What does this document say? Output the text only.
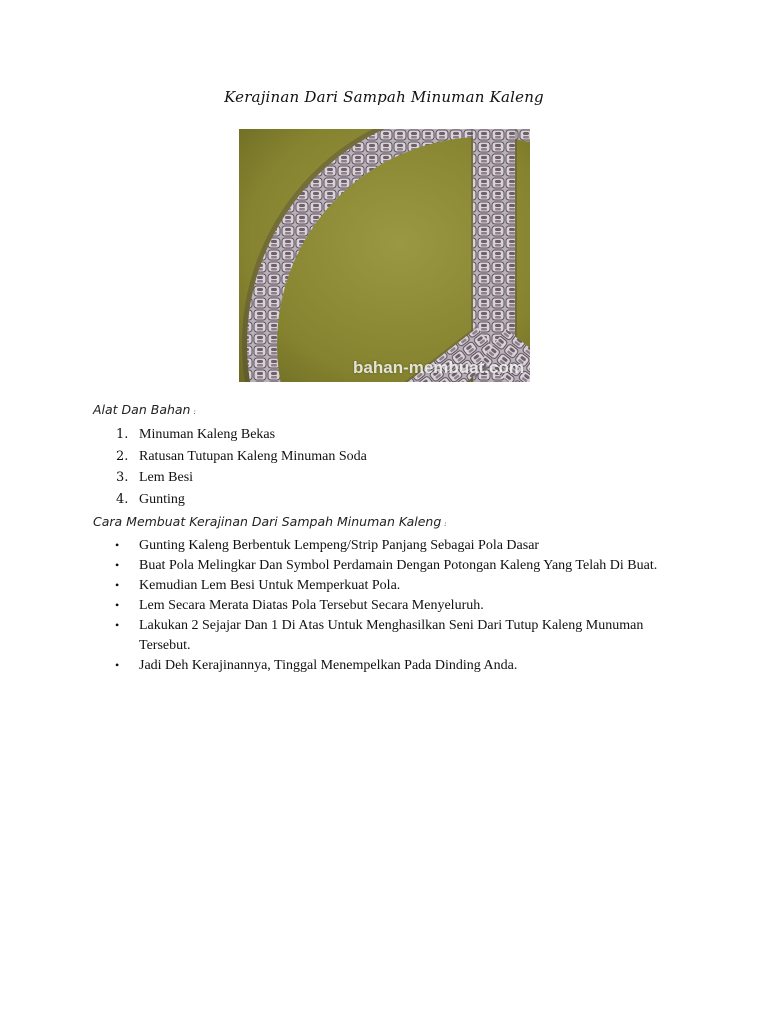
Kerajinan Dari Sampah Minuman Kaleng
bahan-membuat.com
Alat Dan Bahan :
1. Minuman Kaleng Bekas
2. Ratusan Tutupan Kaleng Minuman Soda
3. Lem Besi
4. Gunting
Cara Membuat Kerajinan Dari Sampah Minuman Kaleng :
• Gunting Kaleng Berbentuk Lempeng/Strip Panjang Sebagai Pola Dasar
• Buat Pola Melingkar Dan Symbol Perdamain Dengan Potongan Kaleng Yang Telah Di Buat.
• Kemudian Lem Besi Untuk Memperkuat Pola.
• Lem Secara Merata Diatas Pola Tersebut Secara Menyeluruh.
• Lakukan 2 Sejajar Dan 1 Di Atas Untuk Menghasilkan Seni Dari Tutup Kaleng Munuman Tersebut.
• Jadi Deh Kerajinannya, Tinggal Menempelkan Pada Dinding Anda.
